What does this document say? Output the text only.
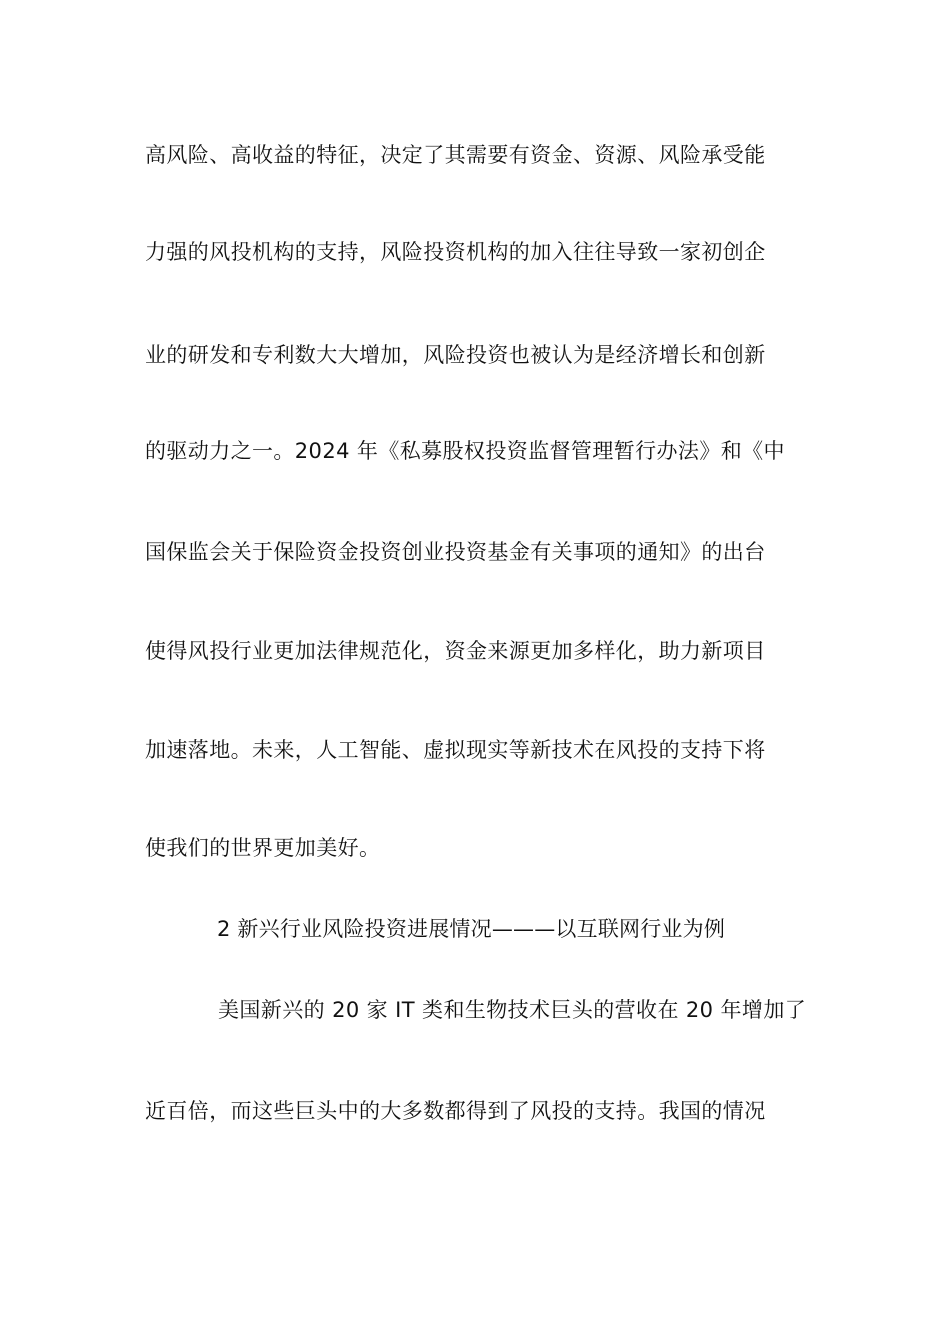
高风险、高收益的特征，决定了其需要有资金、资源、风险承受能
力强的风投机构的支持，风险投资机构的加入往往导致一家初创企
业的研发和专利数大大增加，风险投资也被认为是经济增长和创新
的驱动力之一。2024 年《私募股权投资监督管理暂行办法》和《中
国保监会关于保险资金投资创业投资基金有关事项的通知》的出台
使得风投行业更加法律规范化，资金来源更加多样化，助力新项目
加速落地。未来，人工智能、虚拟现实等新技术在风投的支持下将
使我们的世界更加美好。
2 新兴行业风险投资进展情况———以互联网行业为例
美国新兴的 20 家 IT 类和生物技术巨头的营收在 20 年增加了
近百倍，而这些巨头中的大多数都得到了风投的支持。我国的情况
